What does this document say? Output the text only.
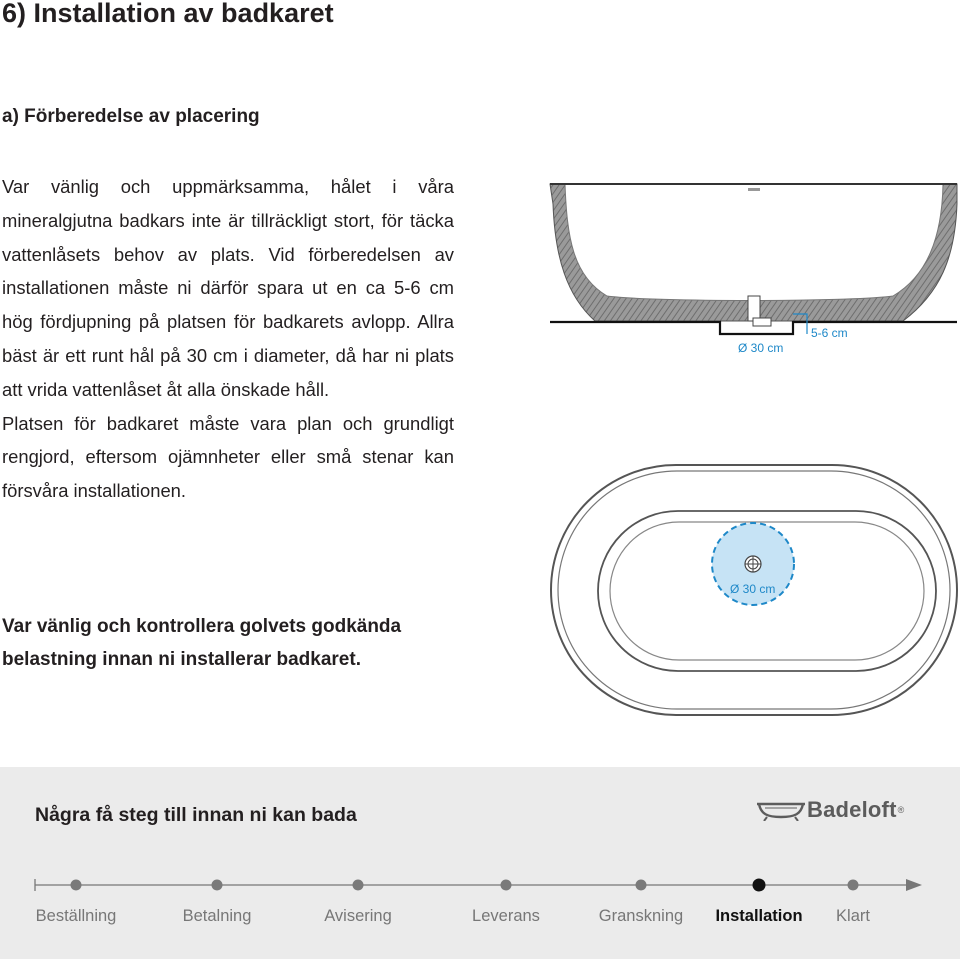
6) Installation av badkaret
a) Förberedelse av placering

Var vänlig och uppmärksamma, hålet i våra mineralgjutna badkars inte är tillräckligt stort, för täcka vattenlåsets behov av plats. Vid förberedelsen av installationen måste ni därför spara ut en ca 5-6 cm hög fördjupning på platsen för badkarets avlopp. Allra bäst är ett runt hål på 30 cm i diameter, då har ni plats att vrida vattenlåset åt alla önskade håll.

Platsen för badkaret måste vara plan och grundligt rengjord, eftersom ojämnheter eller små stenar kan försvåra installationen.

Var vänlig och kontrollera golvets godkända belastning innan ni installerar badkaret.

Ø 30 cm
5-6 cm
Ø 30 cm
Några få steg till innan ni kan bada	Badeloft ®
Beställning	Betalning	Avisering	Leverans	Granskning Installation Klart
